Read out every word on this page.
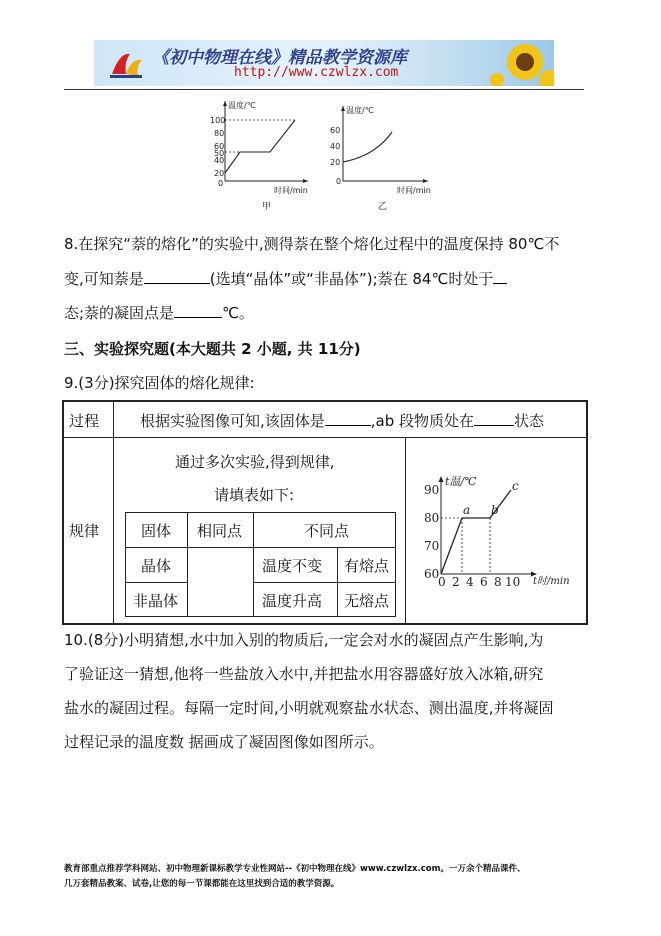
《初中物理在线》精品教学资源库
http://www.czwlzx.com
温度/℃
时间/min
100
80
60
50
40
20
0
甲
温度/℃
时间/min
60
40
20
0
乙
8.在探究“萘的熔化”的实验中,测得萘在整个熔化过程中的温度保持 80℃不
变,可知萘是	(选填“晶体”或“非晶体”);萘在 84℃时处于
态;萘的凝固点是	℃。
三、实验探究题(本大题共 2 小题, 共 11分)
9.(3分)探究固体的熔化规律:
过程	根据实验图像可知,该固体是	,ab 段物质处在	状态
规律
通过多次实验,得到规律,
请填表如下:
固体 相同点	不同点
晶体	温度不变 有熔点
非晶体	温度升高 无熔点
t温/℃
t时/min
90
80
70
60
0 2 4 6 8 10
a b
c
10.(8分)小明猜想,水中加入别的物质后,一定会对水的凝固点产生影响,为
了验证这一猜想,他将一些盐放入水中,并把盐水用容器盛好放入冰箱,研究
盐水的凝固过程。每隔一定时间,小明就观察盐水状态、测出温度,并将凝固
过程记录的温度数 据画成了凝固图像如图所示。
教育部重点推荐学科网站、初中物理新课标教学专业性网站--《初中物理在线》www.czwlzx.com。一万余个精品课件、
几万套精品教案、试卷,让您的每一节课都能在这里找到合适的教学资源。
